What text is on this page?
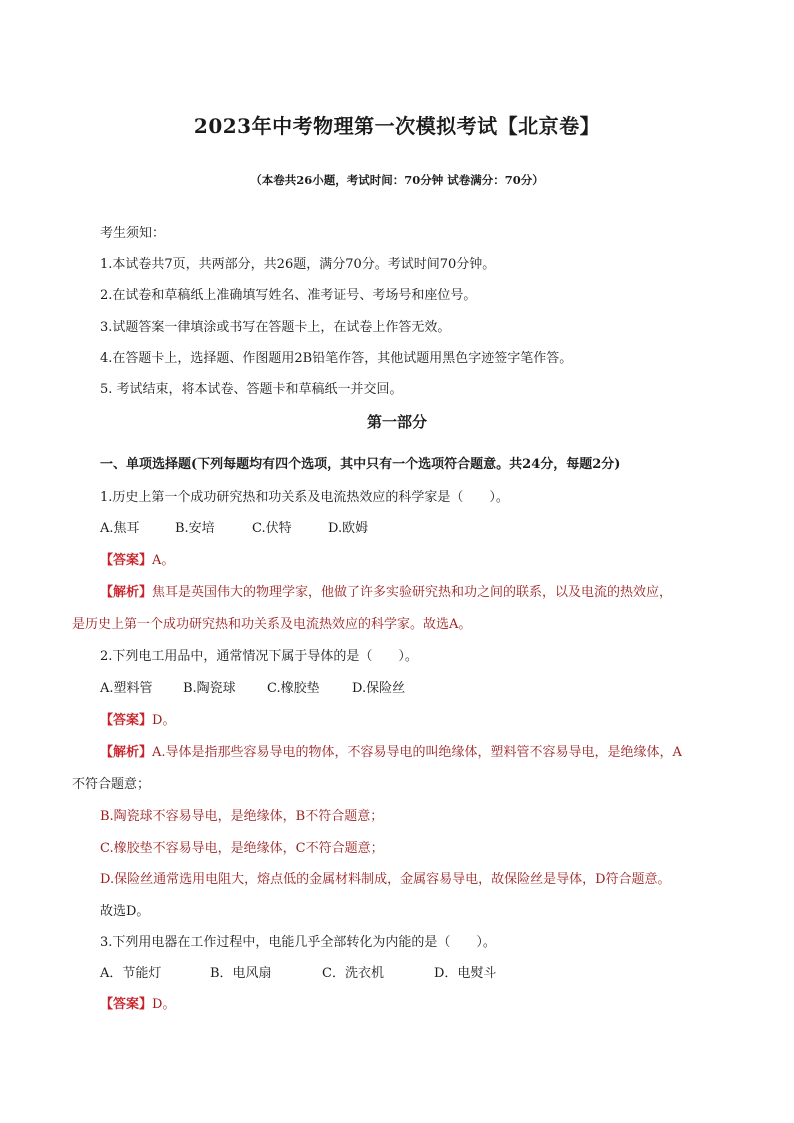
2023年中考物理第一次模拟考试【北京卷】
（本卷共26小题，考试时间：70分钟 试卷满分：70分）
考生须知：
1.本试卷共7页，共两部分，共26题，满分70分。考试时间70分钟。
2.在试卷和草稿纸上准确填写姓名、准考证号、考场号和座位号。
3.试题答案一律填涂或书写在答题卡上，在试卷上作答无效。
4.在答题卡上，选择题、作图题用2B铅笔作答，其他试题用黑色字迹签字笔作答。
5. 考试结束，将本试卷、答题卡和草稿纸一并交回。
第一部分
一、单项选择题(下列每题均有四个选项，其中只有一个选项符合题意。共24分，每题2分)
1.历史上第一个成功研究热和功关系及电流热效应的科学家是（　　）。
A.焦耳	B.安培	C.伏特	D.欧姆
【答案】A。
【解析】焦耳是英国伟大的物理学家，他做了许多实验研究热和功之间的联系，以及电流的热效应，
是历史上第一个成功研究热和功关系及电流热效应的科学家。故选A。
2.下列电工用品中，通常情况下属于导体的是（　　）。
A.塑料管 B.陶瓷球 C.橡胶垫 D.保险丝
【答案】D。
【解析】A.导体是指那些容易导电的物体，不容易导电的叫绝缘体，塑料管不容易导电，是绝缘体，A
不符合题意；
B.陶瓷球不容易导电，是绝缘体，B不符合题意；
C.橡胶垫不容易导电，是绝缘体，C不符合题意；
D.保险丝通常选用电阻大，熔点低的金属材料制成，金属容易导电，故保险丝是导体，D符合题意。
故选D。
3.下列用电器在工作过程中，电能几乎全部转化为内能的是（　　）。
A．节能灯	B．电风扇	C．洗衣机	D．电熨斗
【答案】D。
